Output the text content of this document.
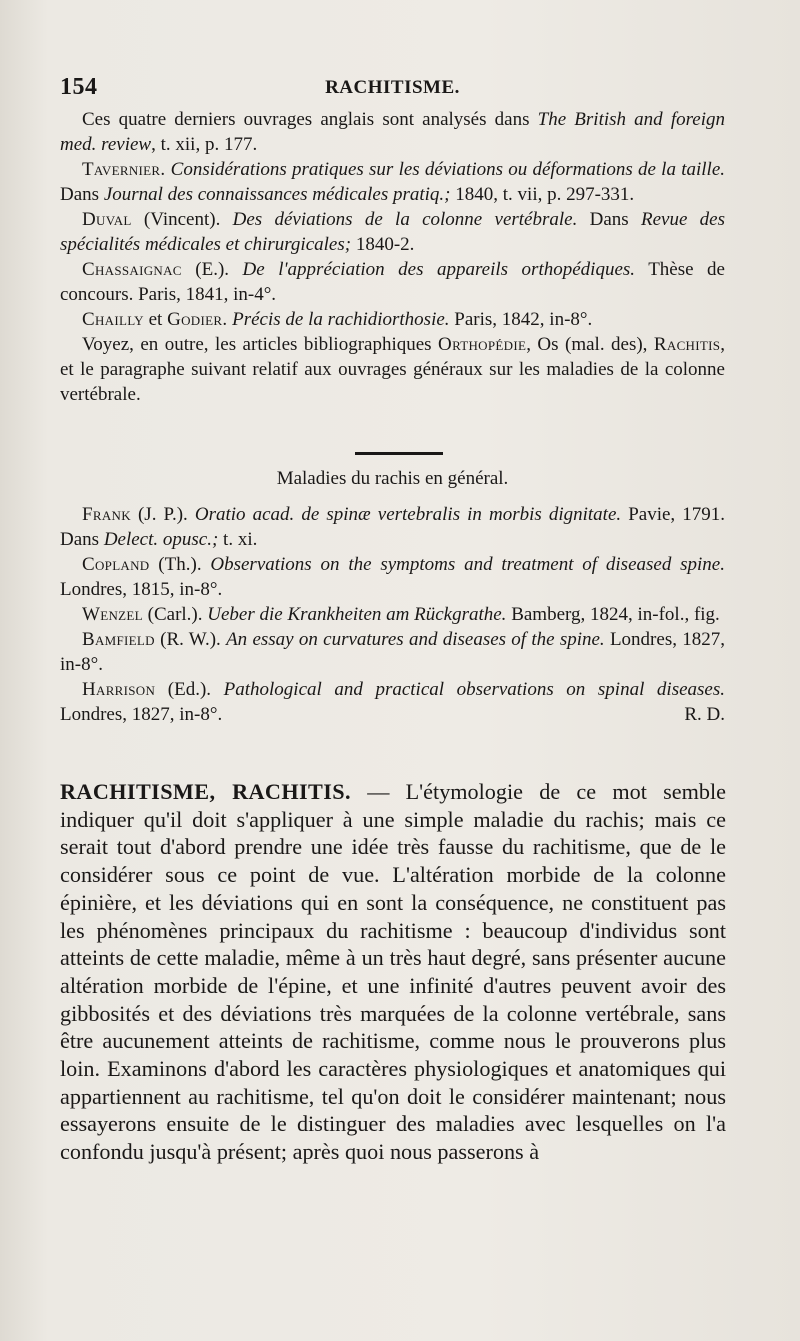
154	RACHITISME.

Ces quatre derniers ouvrages anglais sont analysés dans The British and foreign med. review, t. xii, p. 177.

Tavernier. Considérations pratiques sur les déviations ou déformations de la taille. Dans Journal des connaissances médicales pratiq.; 1840, t. vii, p. 297-331.

Duval (Vincent). Des déviations de la colonne vertébrale. Dans Revue des spécialités médicales et chirurgicales; 1840-2.

Chassaignac (E.). De l'appréciation des appareils orthopédiques. Thèse de concours. Paris, 1841, in-4°.

Chailly et Godier. Précis de la rachidiorthosie. Paris, 1842, in-8°.

Voyez, en outre, les articles bibliographiques Orthopédie, Os (mal. des), Rachitis, et le paragraphe suivant relatif aux ouvrages généraux sur les maladies de la colonne vertébrale.

Maladies du rachis en général.

Frank (J. P.). Oratio acad. de spinæ vertebralis in morbis dignitate. Pavie, 1791. Dans Delect. opusc.; t. xi.

Copland (Th.). Observations on the symptoms and treatment of diseased spine. Londres, 1815, in-8°.

Wenzel (Carl.). Ueber die Krankheiten am Rückgrathe. Bamberg, 1824, in-fol., fig.

Bamfield (R. W.). An essay on curvatures and diseases of the spine. Londres, 1827, in-8°.

Harrison (Ed.). Pathological and practical observations on spinal diseases. Londres, 1827, in-8°.	R. D.

RACHITISME, RACHITIS. — L'étymologie de ce mot semble indiquer qu'il doit s'appliquer à une simple maladie du rachis; mais ce serait tout d'abord prendre une idée très fausse du rachitisme, que de le considérer sous ce point de vue. L'altération morbide de la colonne épinière, et les déviations qui en sont la conséquence, ne constituent pas les phénomènes principaux du rachitisme : beaucoup d'individus sont atteints de cette maladie, même à un très haut degré, sans présenter aucune altération morbide de l'épine, et une infinité d'autres peuvent avoir des gibbosités et des déviations très marquées de la colonne vertébrale, sans être aucunement atteints de rachitisme, comme nous le prouverons plus loin. Examinons d'abord les caractères physiologiques et anatomiques qui appartiennent au rachitisme, tel qu'on doit le considérer maintenant; nous essayerons ensuite de le distinguer des maladies avec lesquelles on l'a confondu jusqu'à présent; après quoi nous passerons à
